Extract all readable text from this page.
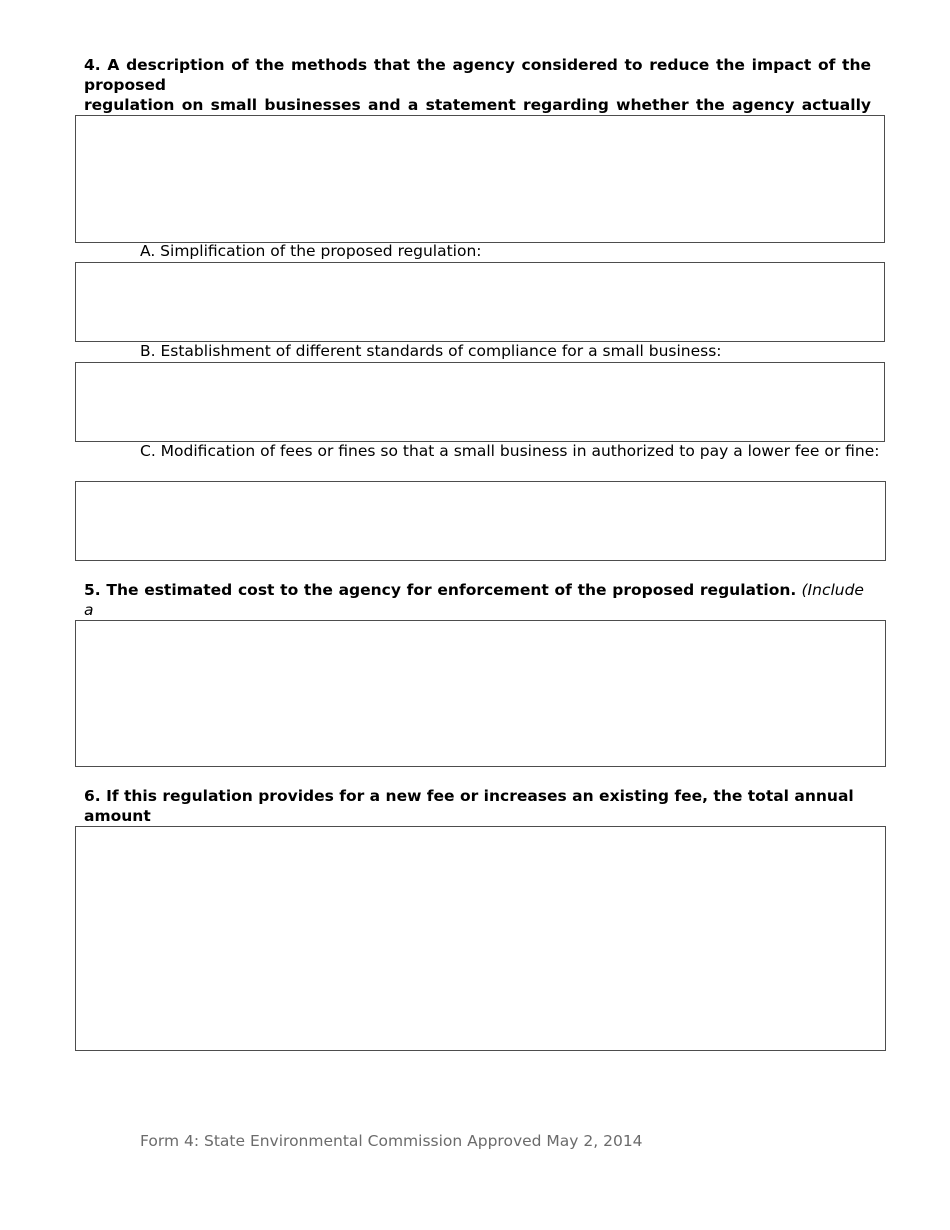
4. A description of the methods that the agency considered to reduce the impact of the proposed
regulation on small businesses and a statement regarding whether the agency actually
A. Simplification of the proposed regulation:
B. Establishment of different standards of compliance for a small business:
C. Modification of fees or fines so that a small business in authorized to pay a lower fee or fine:
5. The estimated cost to the agency for enforcement of the proposed regulation. (Include a
6. If this regulation provides for a new fee or increases an existing fee, the total annual amount
Form 4: State Environmental Commission Approved May 2, 2014
